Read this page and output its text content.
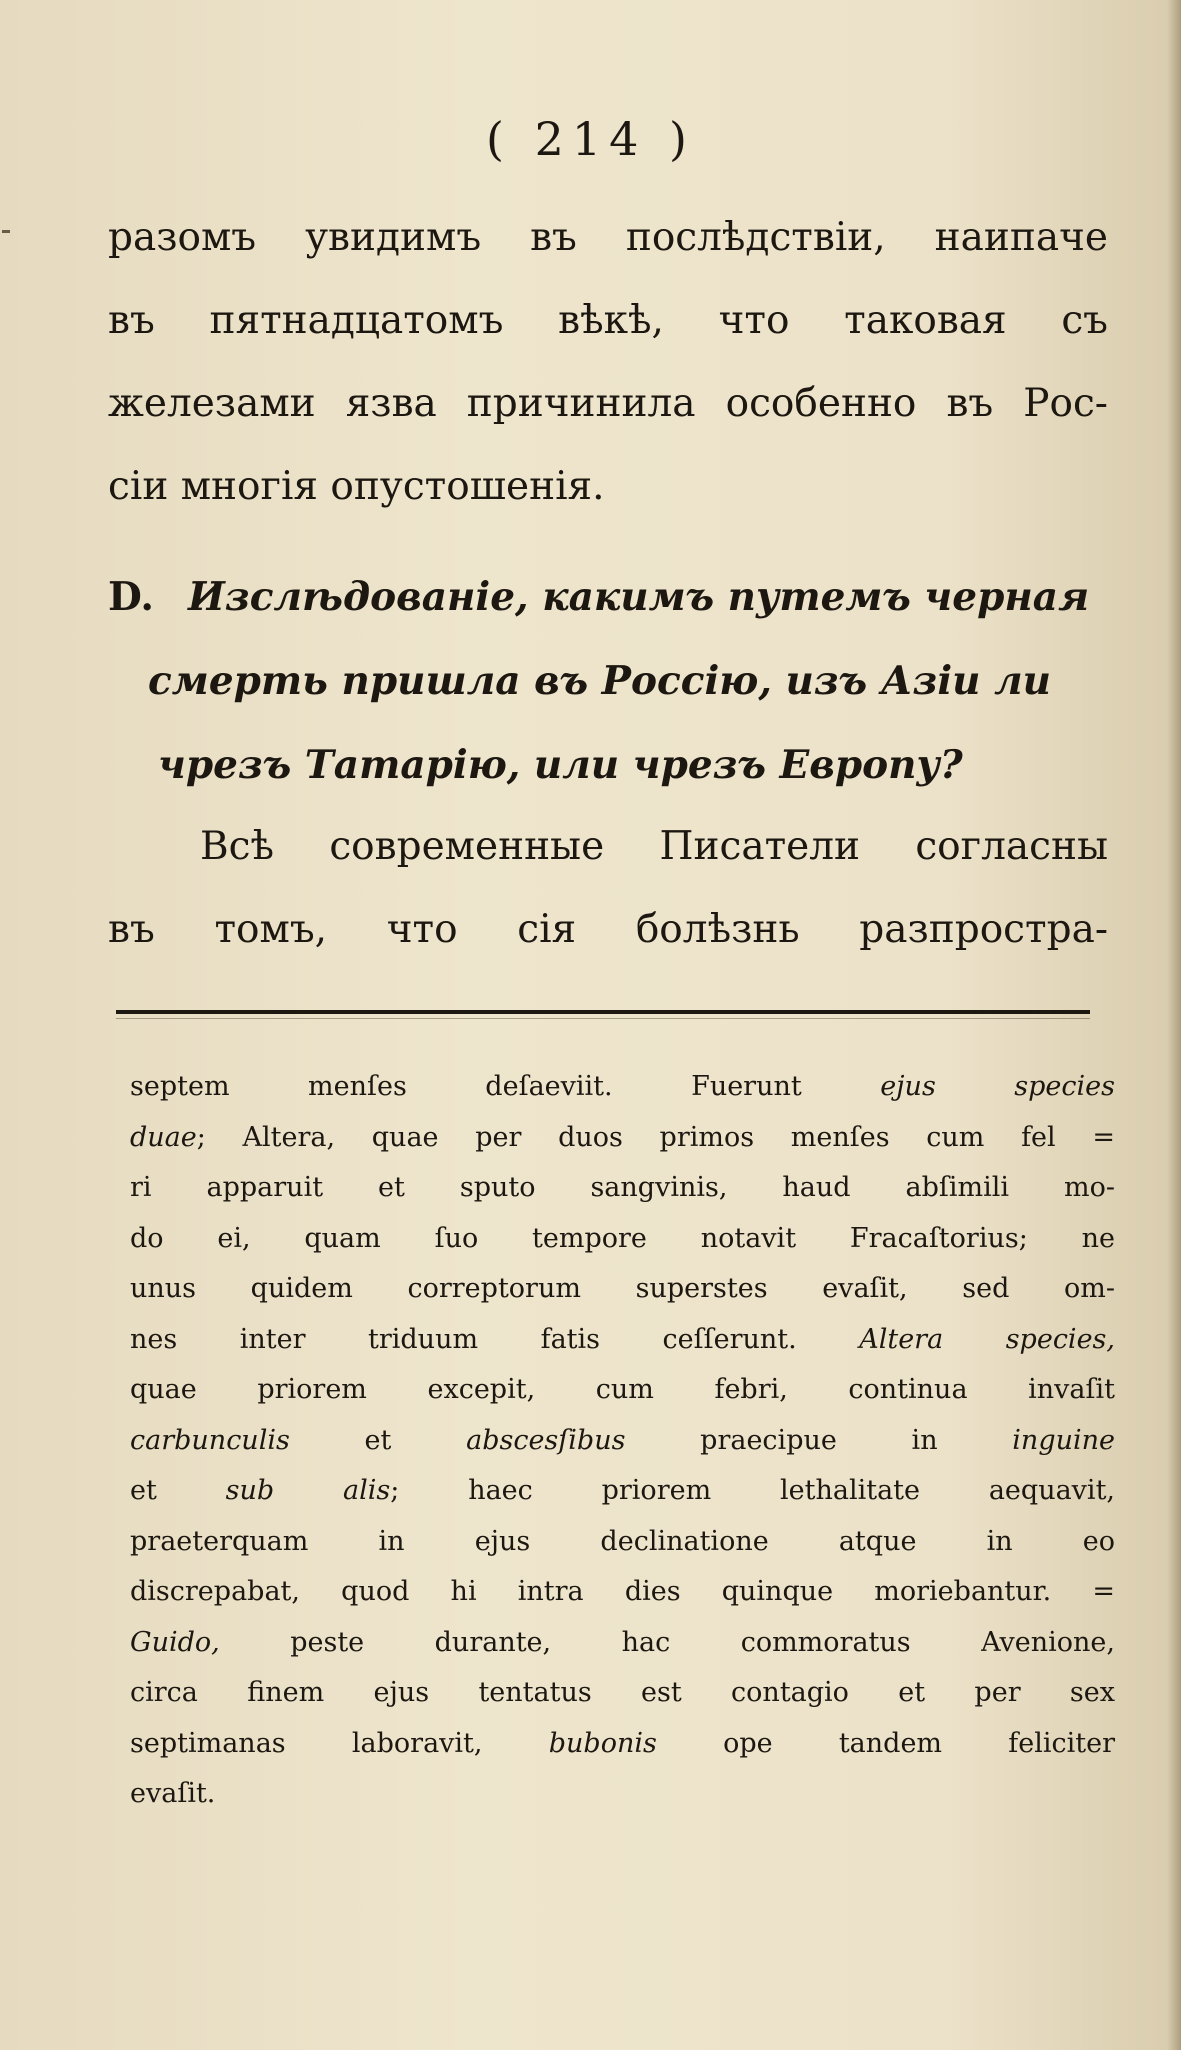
( 214 )
разомъ увидимъ въ послѣдствіи, наипаче
въ пятнадцатомъ вѣкѣ, что таковая съ
железами язва причинила особенно въ Рос-
сіи многія опустошенія.
D. Изслѣдованіе, какимъ путемъ черная
смерть пришла въ Россію, изъ Азіи ли
чрезъ Татарію, или чрезъ Европу?
Всѣ современные Писатели согласны
въ томъ, что сія болѣзнь разпростра-
septem menſes deſaeviit. Fuerunt ejus species
duae; Altera, quae per duos primos menſes cum fel =
ri apparuit et sputo sangvinis, haud abſimili mo-
do ei, quam ſuo tempore notavit Fracaſtorius; ne
unus quidem correptorum superstes evaſit, sed om-
nes inter triduum fatis ceſſerunt. Altera species,
quae priorem excepit, cum febri, continua invaſit
carbunculis et abscesſibus praecipue in inguine
et sub alis; haec priorem lethalitate aequavit,
praeterquam in ejus declinatione atque in eo
discrepabat, quod hi intra dies quinque moriebantur. =
Guido, peste durante, hac commoratus Avenione,
circa finem ejus tentatus est contagio et per sex
septimanas laboravit, bubonis ope tandem feliciter
evaſit.
